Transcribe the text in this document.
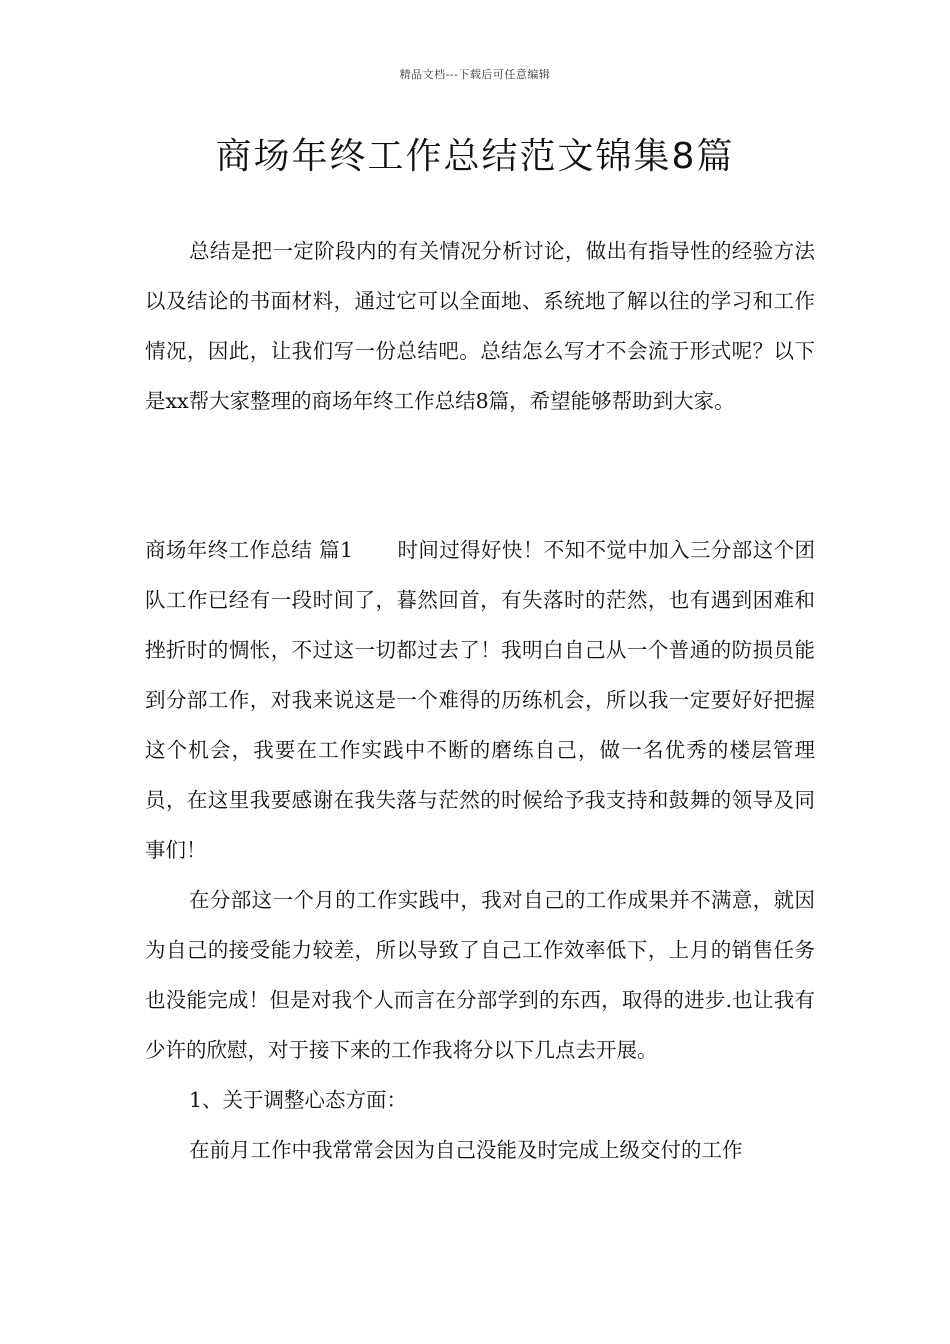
精品文档---下载后可任意编辑
商场年终工作总结范文锦集8篇

总结是把一定阶段内的有关情况分析讨论，做出有指导性的经验方法以及结论的书面材料，通过它可以全面地、系统地了解以往的学习和工作情况，因此，让我们写一份总结吧。总结怎么写才不会流于形式呢？以下是xx帮大家整理的商场年终工作总结8篇，希望能够帮助到大家。

商场年终工作总结 篇1 时间过得好快！不知不觉中加入三分部这个团队工作已经有一段时间了，暮然回首，有失落时的茫然，也有遇到困难和挫折时的惆怅，不过这一切都过去了！我明白自己从一个普通的防损员能到分部工作，对我来说这是一个难得的历练机会，所以我一定要好好把握这个机会，我要在工作实践中不断的磨练自己，做一名优秀的楼层管理员，在这里我要感谢在我失落与茫然的时候给予我支持和鼓舞的领导及同事们！

在分部这一个月的工作实践中，我对自己的工作成果并不满意，就因为自己的接受能力较差，所以导致了自己工作效率低下，上月的销售任务也没能完成！但是对我个人而言在分部学到的东西，取得的进步.也让我有少许的欣慰，对于接下来的工作我将分以下几点去开展。

1、关于调整心态方面：

在前月工作中我常常会因为自己没能及时完成上级交付的工作
